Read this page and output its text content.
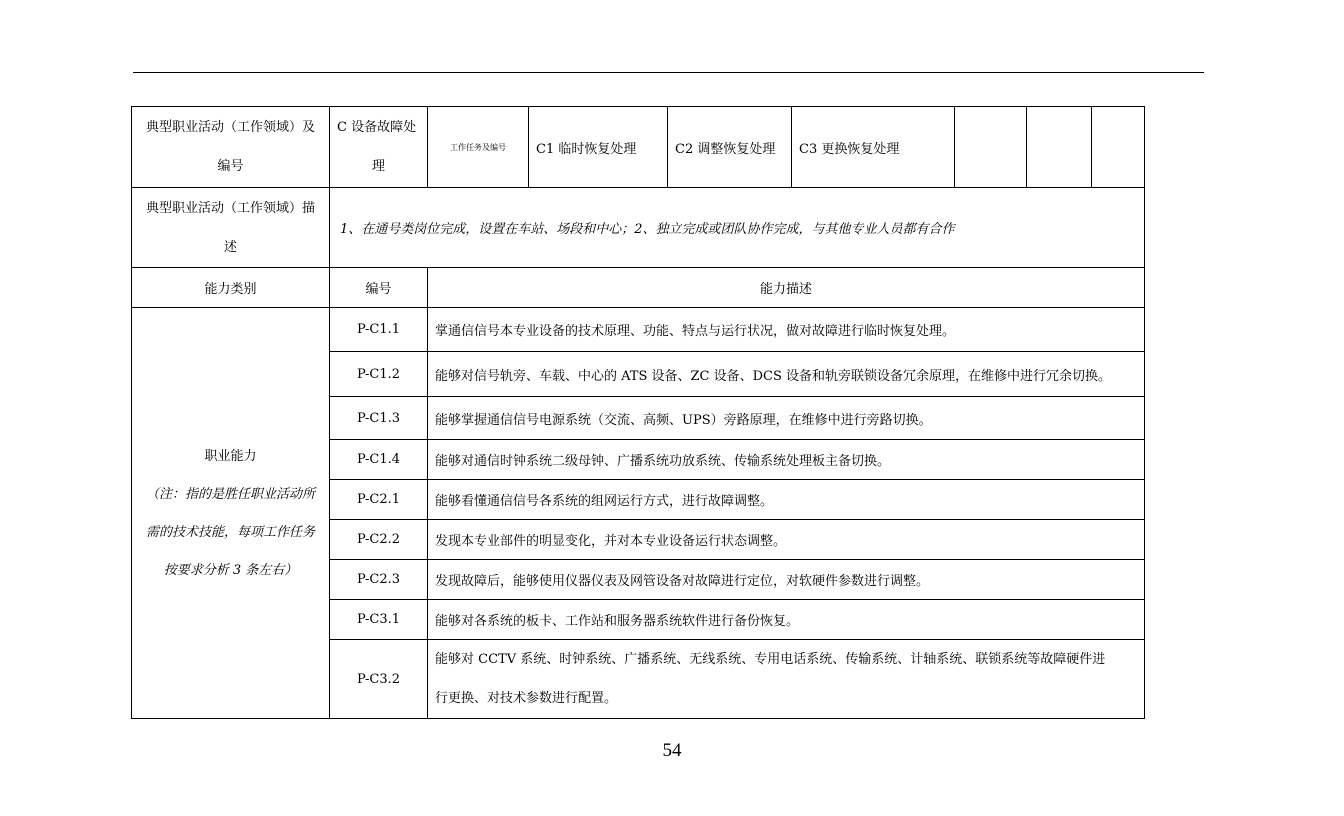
典型职业活动（工作领域）及
编号	C 设备故障处
理	工作任务及编号	C1 临时恢复处理	C2 调整恢复处理	C3 更换恢复处理			

典型职业活动（工作领域）描
述	1、在通号类岗位完成，设置在车站、场段和中心；2、独立完成或团队协作完成，与其他专业人员都有合作							
能力类别	编号	能力描述						

职业能力
（注：指的是胜任职业活动所
需的技术技能，每项工作任务
按要求分析 3 条左右）	P-C1.1	掌通信信号本专业设备的技术原理、功能、特点与运行状况，做对故障进行临时恢复处理。						
	P-C1.2	能够对信号轨旁、车载、中心的 ATS 设备、ZC 设备、DCS 设备和轨旁联锁设备冗余原理，在维修中进行冗余切换。						
	P-C1.3	能够掌握通信信号电源系统（交流、高频、UPS）旁路原理，在维修中进行旁路切换。						
	P-C1.4	能够对通信时钟系统二级母钟、广播系统功放系统、传输系统处理板主备切换。						
	P-C2.1	能够看懂通信信号各系统的组网运行方式，进行故障调整。						
	P-C2.2	发现本专业部件的明显变化，并对本专业设备运行状态调整。						
	P-C2.3	发现故障后，能够使用仪器仪表及网管设备对故障进行定位，对软硬件参数进行调整。						
	P-C3.1	能够对各系统的板卡、工作站和服务器系统软件进行备份恢复。						
	P-C3.2	能够对 CCTV 系统、时钟系统、广播系统、无线系统、专用电话系统、传输系统、计轴系统、联锁系统等故障硬件进
行更换、对技术参数进行配置。						
54
